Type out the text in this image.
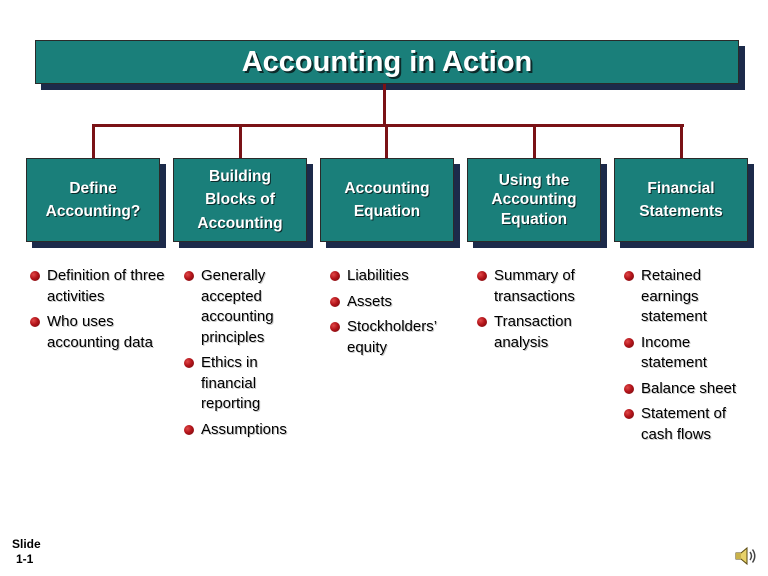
Accounting in Action
Define
Accounting?
Building
Blocks of
Accounting
Accounting
Equation
Using the
Accounting
Equation
Financial
Statements
Definition of three activities
Who uses accounting data
Generally accepted accounting principles
Ethics in financial reporting
Assumptions
Liabilities
Assets
Stockholders’ equity
Summary of transactions
Transaction analysis
Retained earnings statement
Income statement
Balance sheet
Statement of cash flows
Slide
1-1
